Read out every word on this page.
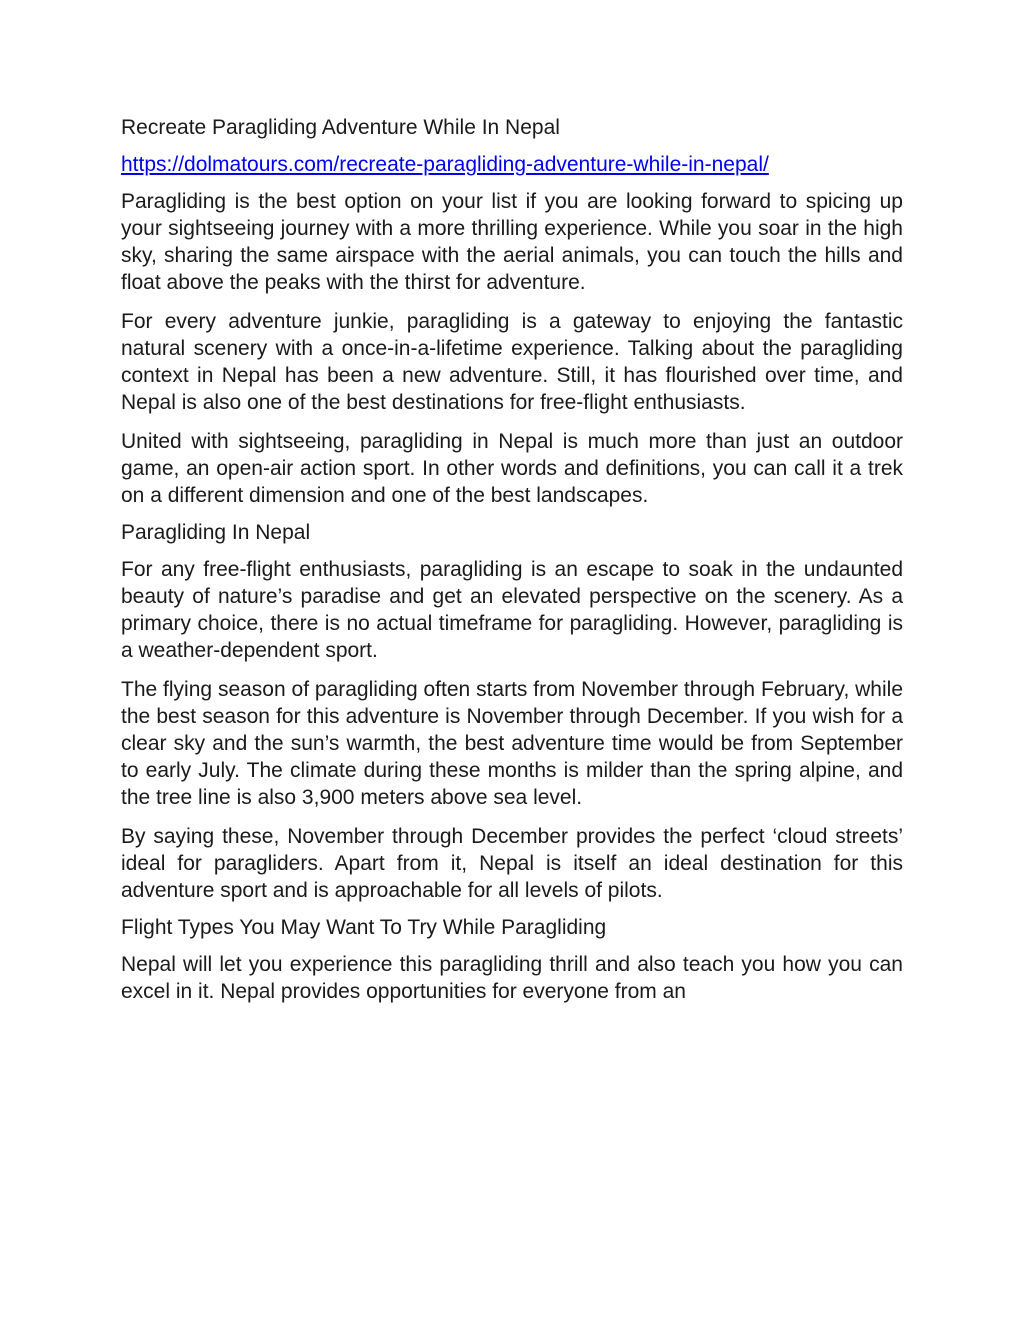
Recreate Paragliding Adventure While In Nepal
https://dolmatours.com/recreate-paragliding-adventure-while-in-nepal/

Paragliding is the best option on your list if you are looking forward to spicing up your sightseeing journey with a more thrilling experience. While you soar in the high sky, sharing the same airspace with the aerial animals, you can touch the hills and float above the peaks with the thirst for adventure.

For every adventure junkie, paragliding is a gateway to enjoying the fantastic natural scenery with a once-in-a-lifetime experience. Talking about the paragliding context in Nepal has been a new adventure. Still, it has flourished over time, and Nepal is also one of the best destinations for free-flight enthusiasts.

United with sightseeing, paragliding in Nepal is much more than just an outdoor game, an open-air action sport. In other words and definitions, you can call it a trek on a different dimension and one of the best landscapes.

Paragliding In Nepal

For any free-flight enthusiasts, paragliding is an escape to soak in the undaunted beauty of nature’s paradise and get an elevated perspective on the scenery. As a primary choice, there is no actual timeframe for paragliding. However, paragliding is a weather-dependent sport.

The flying season of paragliding often starts from November through February, while the best season for this adventure is November through December. If you wish for a clear sky and the sun’s warmth, the best adventure time would be from September to early July. The climate during these months is milder than the spring alpine, and the tree line is also 3,900 meters above sea level.

By saying these, November through December provides the perfect ‘cloud streets’ ideal for paragliders. Apart from it, Nepal is itself an ideal destination for this adventure sport and is approachable for all levels of pilots.

Flight Types You May Want To Try While Paragliding

Nepal will let you experience this paragliding thrill and also teach you how you can excel in it. Nepal provides opportunities for everyone from an
